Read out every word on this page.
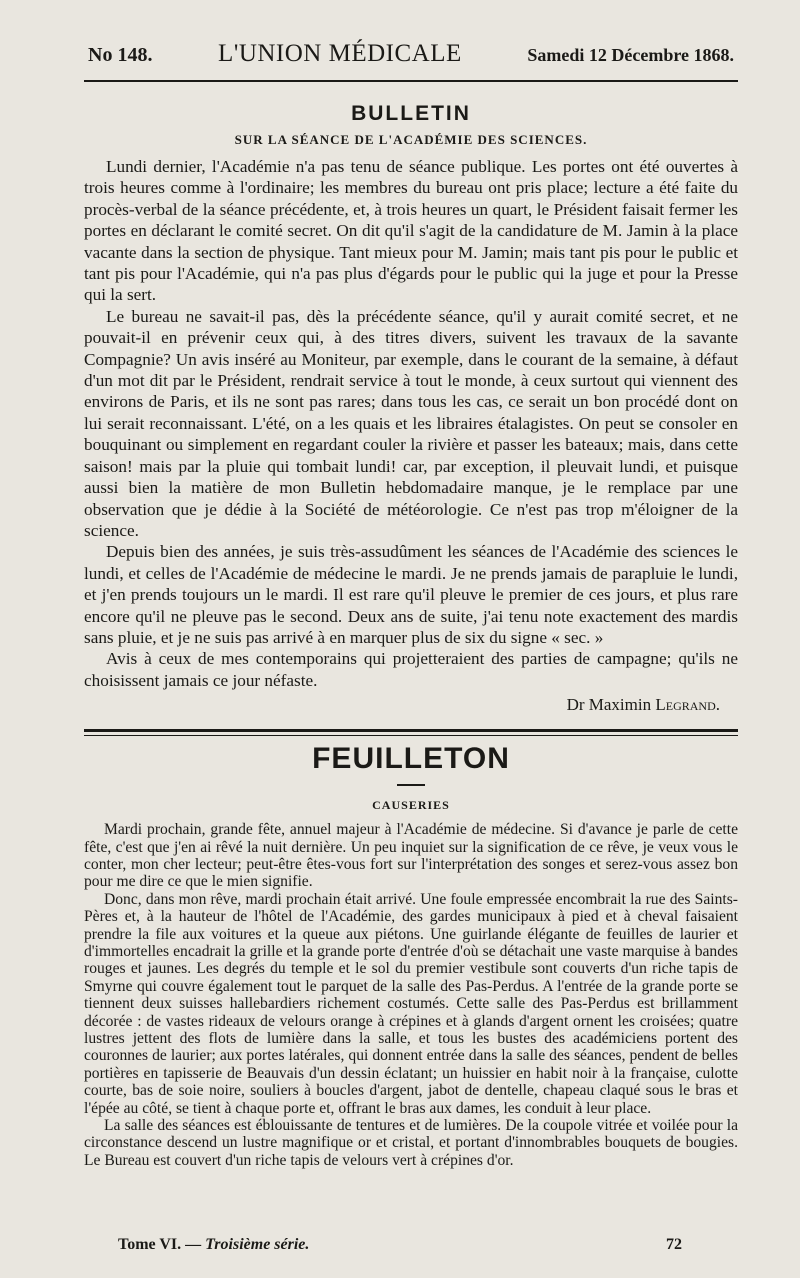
No 148.	L'UNION MÉDICALE	Samedi 12 Décembre 1868.
BULLETIN
SUR LA SÉANCE DE L'ACADÉMIE DES SCIENCES.

Lundi dernier, l'Académie n'a pas tenu de séance publique. Les portes ont été ouvertes à trois heures comme à l'ordinaire; les membres du bureau ont pris place; lecture a été faite du procès-verbal de la séance précédente, et, à trois heures un quart, le Président faisait fermer les portes en déclarant le comité secret. On dit qu'il s'agit de la candidature de M. Jamin à la place vacante dans la section de physique. Tant mieux pour M. Jamin; mais tant pis pour le public et tant pis pour l'Académie, qui n'a pas plus d'égards pour le public qui la juge et pour la Presse qui la sert.

Le bureau ne savait-il pas, dès la précédente séance, qu'il y aurait comité secret, et ne pouvait-il en prévenir ceux qui, à des titres divers, suivent les travaux de la savante Compagnie? Un avis inséré au Moniteur, par exemple, dans le courant de la semaine, à défaut d'un mot dit par le Président, rendrait service à tout le monde, à ceux surtout qui viennent des environs de Paris, et ils ne sont pas rares; dans tous les cas, ce serait un bon procédé dont on lui serait reconnaissant. L'été, on a les quais et les libraires étalagistes. On peut se consoler en bouquinant ou simplement en regardant couler la rivière et passer les bateaux; mais, dans cette saison! mais par la pluie qui tombait lundi! car, par exception, il pleuvait lundi, et puisque aussi bien la matière de mon Bulletin hebdomadaire manque, je le remplace par une observation que je dédie à la Société de météorologie. Ce n'est pas trop m'éloigner de la science.

Depuis bien des années, je suis très-assudûment les séances de l'Académie des sciences le lundi, et celles de l'Académie de médecine le mardi. Je ne prends jamais de parapluie le lundi, et j'en prends toujours un le mardi. Il est rare qu'il pleuve le premier de ces jours, et plus rare encore qu'il ne pleuve pas le second. Deux ans de suite, j'ai tenu note exactement des mardis sans pluie, et je ne suis pas arrivé à en marquer plus de six du signe « sec. »

Avis à ceux de mes contemporains qui projetteraient des parties de campagne; qu'ils ne choisissent jamais ce jour néfaste.

Dr Maximin Legrand.
FEUILLETON
CAUSERIES

Mardi prochain, grande fête, annuel majeur à l'Académie de médecine. Si d'avance je parle de cette fête, c'est que j'en ai rêvé la nuit dernière. Un peu inquiet sur la signification de ce rêve, je veux vous le conter, mon cher lecteur; peut-être êtes-vous fort sur l'interprétation des songes et serez-vous assez bon pour me dire ce que le mien signifie.

Donc, dans mon rêve, mardi prochain était arrivé. Une foule empressée encombrait la rue des Saints-Pères et, à la hauteur de l'hôtel de l'Académie, des gardes municipaux à pied et à cheval faisaient prendre la file aux voitures et la queue aux piétons. Une guirlande élégante de feuilles de laurier et d'immortelles encadrait la grille et la grande porte d'entrée d'où se détachait une vaste marquise à bandes rouges et jaunes. Les degrés du temple et le sol du premier vestibule sont couverts d'un riche tapis de Smyrne qui couvre également tout le parquet de la salle des Pas-Perdus. A l'entrée de la grande porte se tiennent deux suisses hallebardiers richement costumés. Cette salle des Pas-Perdus est brillamment décorée : de vastes rideaux de velours orange à crépines et à glands d'argent ornent les croisées; quatre lustres jettent des flots de lumière dans la salle, et tous les bustes des académiciens portent des couronnes de laurier; aux portes latérales, qui donnent entrée dans la salle des séances, pendent de belles portières en tapisserie de Beauvais d'un dessin éclatant; un huissier en habit noir à la française, culotte courte, bas de soie noire, souliers à boucles d'argent, jabot de dentelle, chapeau claqué sous le bras et l'épée au côté, se tient à chaque porte et, offrant le bras aux dames, les conduit à leur place.

La salle des séances est éblouissante de tentures et de lumières. De la coupole vitrée et voilée pour la circonstance descend un lustre magnifique or et cristal, et portant d'innombrables bouquets de bougies. Le Bureau est couvert d'un riche tapis de velours vert à crépines d'or.

Tome VI. — Troisième série.	72
